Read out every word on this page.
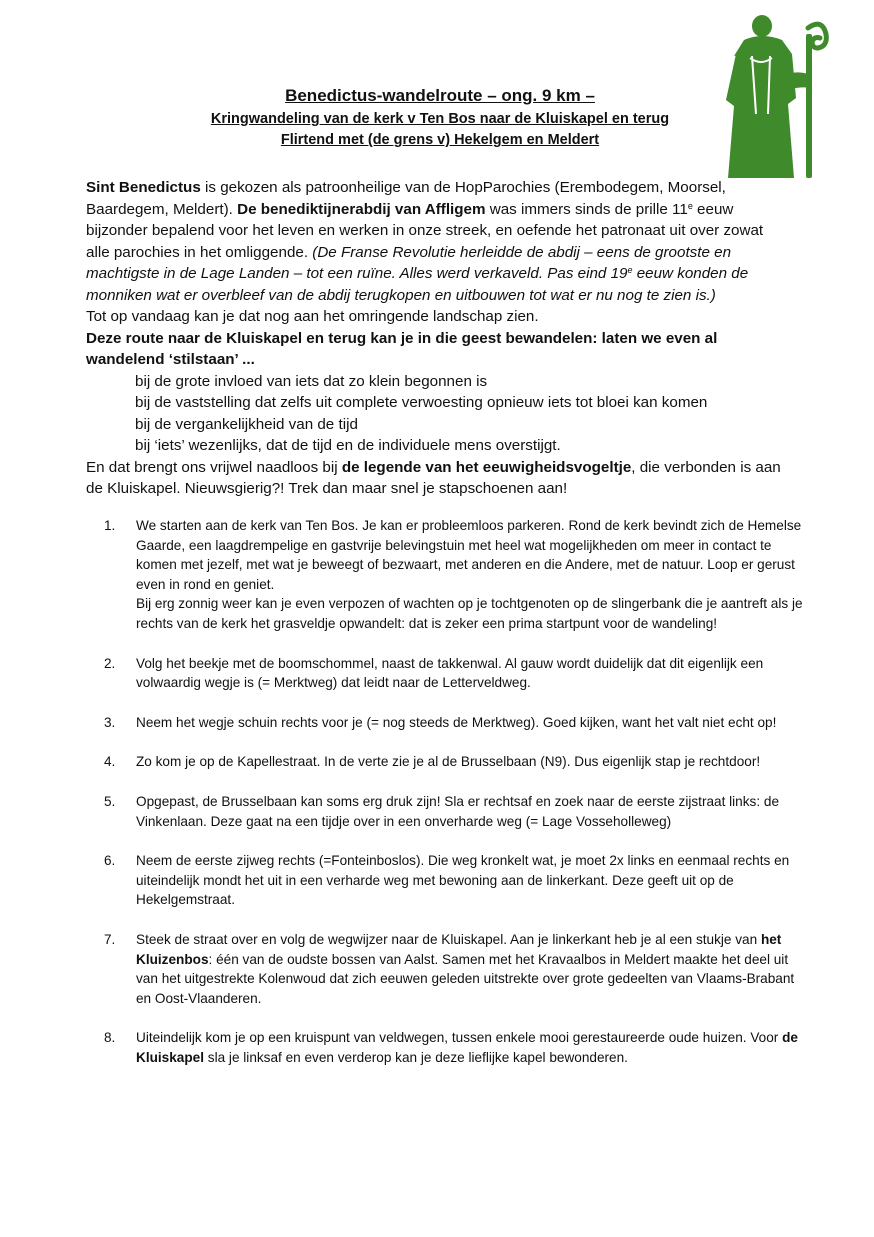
Benedictus-wandelroute – ong. 9 km –
Kringwandeling van de kerk v Ten Bos naar de Kluiskapel en terug
Flirtend met (de grens v) Hekelgem en Meldert

Sint Benedictus is gekozen als patroonheilige van de HopParochies (Erembodegem, Moorsel, Baardegem, Meldert). De benediktijnerabdij van Affligem was immers sinds de prille 11e eeuw bijzonder bepalend voor het leven en werken in onze streek, en oefende het patronaat uit over zowat alle parochies in het omliggende. (De Franse Revolutie herleidde de abdij – eens de grootste en machtigste in de Lage Landen – tot een ruïne. Alles werd verkaveld. Pas eind 19e eeuw konden de monniken wat er overbleef van de abdij terugkopen en uitbouwen tot wat er nu nog te zien is.)

Tot op vandaag kan je dat nog aan het omringende landschap zien.

Deze route naar de Kluiskapel en terug kan je in die geest bewandelen: laten we even al wandelend ‘stilstaan’ ...

bij de grote invloed van iets dat zo klein begonnen is

bij de vaststelling dat zelfs uit complete verwoesting opnieuw iets tot bloei kan komen

bij de vergankelijkheid van de tijd

bij ‘iets’ wezenlijks, dat de tijd en de individuele mens overstijgt.

En dat brengt ons vrijwel naadloos bij de legende van het eeuwigheidsvogeltje, die verbonden is aan de Kluiskapel. Nieuwsgierig?! Trek dan maar snel je stapschoenen aan!

1. We starten aan de kerk van Ten Bos. Je kan er probleemloos parkeren. Rond de kerk bevindt zich de Hemelse Gaarde, een laagdrempelige en gastvrije belevingstuin met heel wat mogelijkheden om meer in contact te komen met jezelf, met wat je beweegt of bezwaart, met anderen en die Andere, met de natuur. Loop er gerust even in rond en geniet.

Bij erg zonnig weer kan je even verpozen of wachten op je tochtgenoten op de slingerbank die je aantreft als je rechts van de kerk het grasveldje opwandelt: dat is zeker een prima startpunt voor de wandeling!

2. Volg het beekje met de boomschommel, naast de takkenwal. Al gauw wordt duidelijk dat dit eigenlijk een volwaardig wegje is (= Merktweg) dat leidt naar de Letterveldweg.

3. Neem het wegje schuin rechts voor je (= nog steeds de Merktweg). Goed kijken, want het valt niet echt op!

4. Zo kom je op de Kapellestraat. In de verte zie je al de Brusselbaan (N9). Dus eigenlijk stap je rechtdoor!

5. Opgepast, de Brusselbaan kan soms erg druk zijn! Sla er rechtsaf en zoek naar de eerste zijstraat links: de Vinkenlaan. Deze gaat na een tijdje over in een onverharde weg (= Lage Vosseholleweg)

6. Neem de eerste zijweg rechts (=Fonteinboslos). Die weg kronkelt wat, je moet 2x links en eenmaal rechts en uiteindelijk mondt het uit in een verharde weg met bewoning aan de linkerkant. Deze geeft uit op de Hekelgemstraat.

7. Steek de straat over en volg de wegwijzer naar de Kluiskapel. Aan je linkerkant heb je al een stukje van het Kluizenbos: één van de oudste bossen van Aalst. Samen met het Kravaalbos in Meldert maakte het deel uit van het uitgestrekte Kolenwoud dat zich eeuwen geleden uitstrekte over grote gedeelten van Vlaams-Brabant en Oost-Vlaanderen.

8. Uiteindelijk kom je op een kruispunt van veldwegen, tussen enkele mooi gerestaureerde oude huizen. Voor de Kluiskapel sla je linksaf en even verderop kan je deze lieflijke kapel bewonderen.
